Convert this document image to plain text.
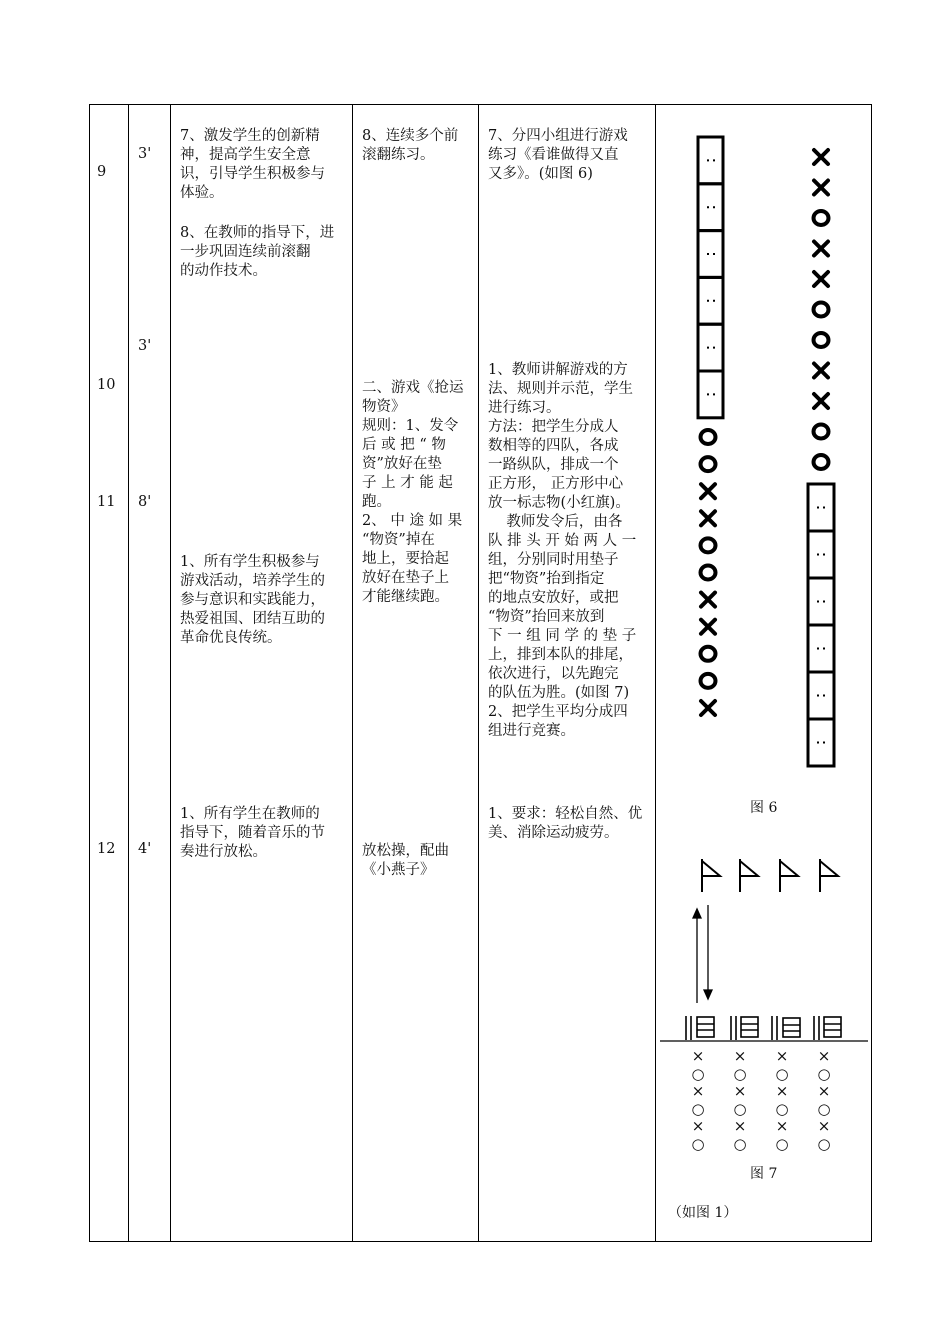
9
10
11
12
3'
3'
8'
4'
7、激发学生的创新精
神，提高学生安全意
识，引导学生积极参与
体验。
8、在教师的指导下，进
一步巩固连续前滚翻
的动作技术。
1、所有学生积极参与
游戏活动，培养学生的
参与意识和实践能力，
热爱祖国、团结互助的
革命优良传统。
1、所有学生在教师的
指导下，随着音乐的节
奏进行放松。
8、连续多个前
滚翻练习。
二、游戏《抢运
物资》
规则：1、发令
后 或 把 “ 物
资”放好在垫
子 上 才 能 起
跑。
2、 中 途 如 果
“物资”掉在
地上，要拾起
放好在垫子上
才能继续跑。
放松操，配曲
《小燕子》
7、分四小组进行游戏
练习《看谁做得又直
又多》。(如图 6)
1、教师讲解游戏的方
法、规则并示范，学生
进行练习。
方法：把学生分成人
数相等的四队，各成
一路纵队，排成一个
正方形， 正方形中心
放一标志物(小红旗)。
教师发令后，由各
队 排 头 开 始 两 人 一
组，分别同时用垫子
把“物资”抬到指定
的地点安放好，或把
“物资”抬回来放到
下 一 组 同 学 的 垫 子
上，排到本队的排尾，
依次进行，以先跑完
的队伍为胜。(如图 7)
2、把学生平均分成四
组进行竞赛。
1、要求：轻松自然、优
美、消除运动疲劳。
×
○
×
○
×
○
×
○
×
○
×
○
×
○
×
○
×
○
×
○
×
○
×
○
图 6
图 7
（如图 1）
